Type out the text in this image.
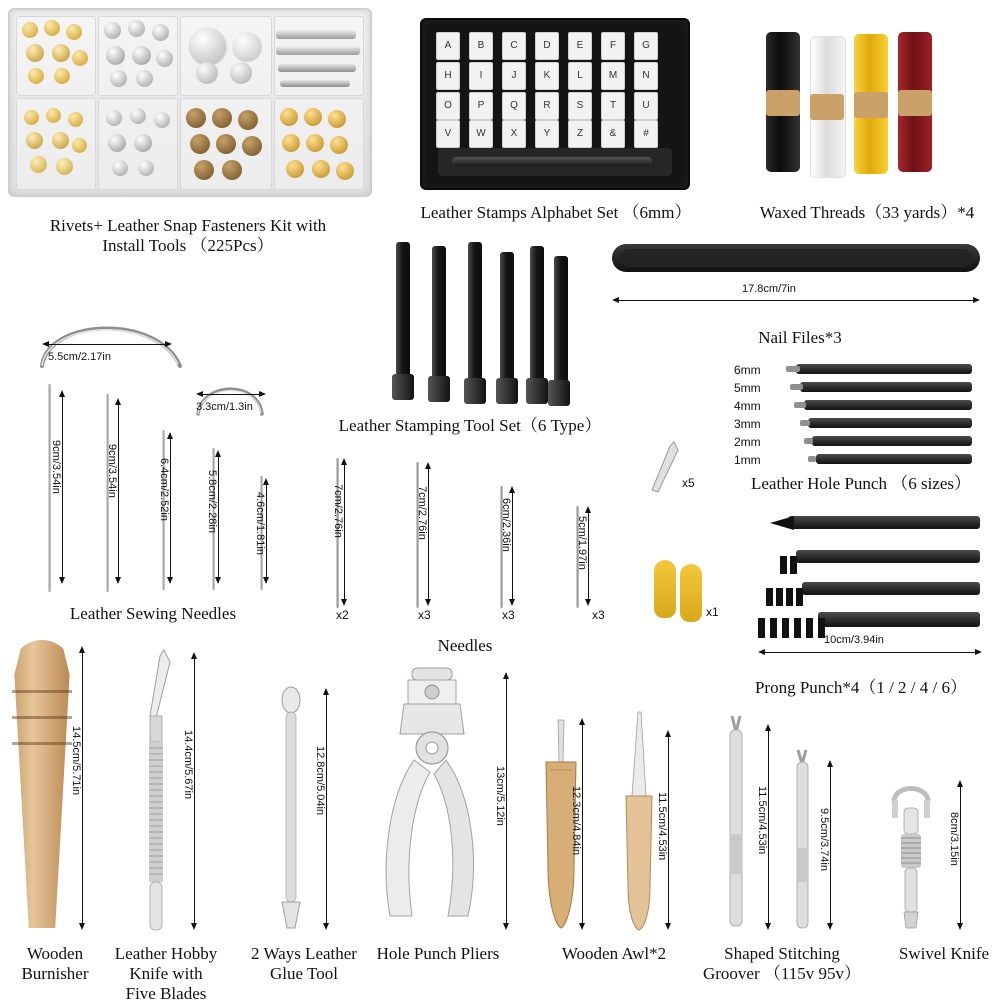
Rivets+ Leather Snap Fasteners Kit with
Install Tools （225Pcs）
A	B	C	D	E	F	G
H	I	J	K	L	M	N
O	P	Q	R	S	T	U
V	W	X	Y	Z	&	#
Leather Stamps Alphabet Set （6mm）	Waxed Threads（33 yards）*4
17.8cm/7in
Nail Files*3
5.5cm/2.17in
3.3cm/1.3in
9cm/3.54in	9cm/3.54in	6.4cm/2.52in	5.8cm/2.28in	4.6cm/1.81in
Leather Sewing Needles
Leather Stamping Tool Set（6 Type）
6mm
5mm
4mm
3mm
2mm
1mm
Leather Hole Punch （6 sizes）
7cm/2.76in
x2
7cm/2.76in
x3
6cm/2.36in
x3
5cm/1.97in
x3
Needles
x5
x1
10cm/3.94in
Prong Punch*4（1 / 2 / 4 / 6）
14.5cm/5.71in
Wooden
Burnisher
14.4cm/5.67in
Leather Hobby
Knife with
Five Blades
12.8cm/5.04in
2 Ways Leather
Glue Tool
13cm/5.12in
Hole Punch Pliers
12.3cm/4.84in	11.5cm/4.53in
Wooden Awl*2
11.5cm/4.53in	9.5cm/3.74in
Shaped Stitching
Groover （115v 95v）
8cm/3.15in
Swivel Knife
